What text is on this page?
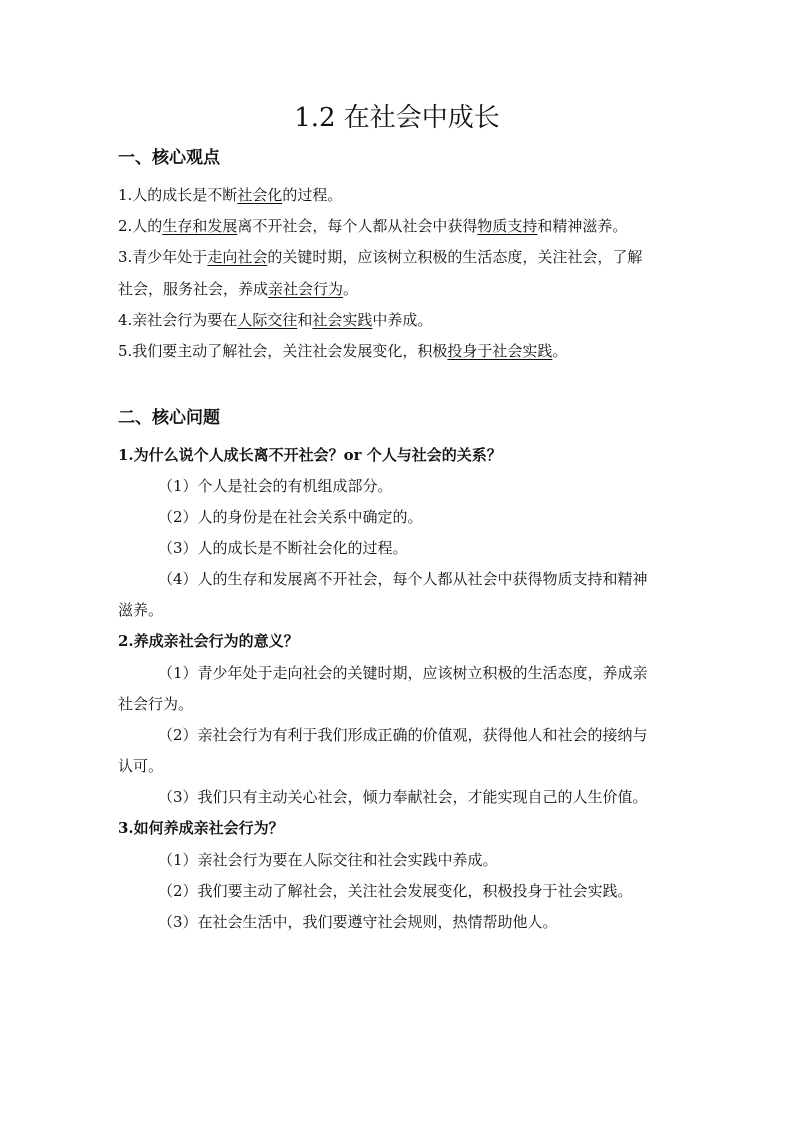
1.2 在社会中成长
一、核心观点
1.人的成长是不断社会化的过程。
2.人的生存和发展离不开社会，每个人都从社会中获得物质支持和精神滋养。
3.青少年处于走向社会的关键时期，应该树立积极的生活态度，关注社会，了解
社会，服务社会，养成亲社会行为。
4.亲社会行为要在人际交往和社会实践中养成。
5.我们要主动了解社会，关注社会发展变化，积极投身于社会实践。
二、核心问题
1.为什么说个人成长离不开社会？or 个人与社会的关系？
（1）个人是社会的有机组成部分。
（2）人的身份是在社会关系中确定的。
（3）人的成长是不断社会化的过程。
（4）人的生存和发展离不开社会，每个人都从社会中获得物质支持和精神
滋养。
2.养成亲社会行为的意义？
（1）青少年处于走向社会的关键时期，应该树立积极的生活态度，养成亲
社会行为。
（2）亲社会行为有利于我们形成正确的价值观，获得他人和社会的接纳与
认可。
（3）我们只有主动关心社会，倾力奉献社会，才能实现自己的人生价值。
3.如何养成亲社会行为？
（1）亲社会行为要在人际交往和社会实践中养成。
（2）我们要主动了解社会，关注社会发展变化，积极投身于社会实践。
（3）在社会生活中，我们要遵守社会规则，热情帮助他人。
